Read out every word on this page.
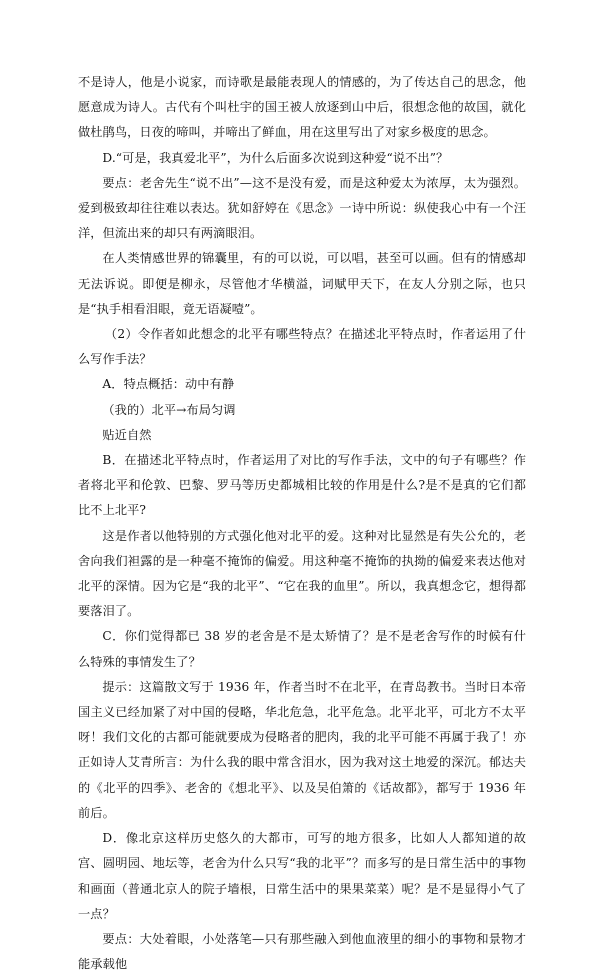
不是诗人，他是小说家，而诗歌是最能表现人的情感的，为了传达自己的思念，他愿意成为诗人。古代有个叫杜宇的国王被人放逐到山中后，很想念他的故国，就化做杜鹃鸟，日夜的啼叫，并啼出了鲜血，用在这里写出了对家乡极度的思念。

D.“可是，我真爱北平”，为什么后面多次说到这种爱“说不出”？

要点：老舍先生“说不出”—这不是没有爱，而是这种爱太为浓厚，太为强烈。爱到极致却往往难以表达。犹如舒婷在《思念》一诗中所说：纵使我心中有一个汪洋，但流出来的却只有两滴眼泪。

在人类情感世界的锦囊里，有的可以说，可以唱，甚至可以画。但有的情感却无法诉说。即便是柳永，尽管他才华横溢，词赋甲天下，在友人分别之际，也只是“执手相看泪眼，竟无语凝噎”。

（2）令作者如此想念的北平有哪些特点？在描述北平特点时，作者运用了什么写作手法？

A．特点概括：动中有静

（我的）北平→布局匀调

贴近自然

B．在描述北平特点时，作者运用了对比的写作手法，文中的句子有哪些？作者将北平和伦敦、巴黎、罗马等历史都城相比较的作用是什么?是不是真的它们都比不上北平?

这是作者以他特别的方式强化他对北平的爱。这种对比显然是有失公允的，老舍向我们袒露的是一种毫不掩饰的偏爱。用这种毫不掩饰的执拗的偏爱来表达他对北平的深情。因为它是“我的北平”、“它在我的血里”。所以，我真想念它，想得都要落泪了。

C．你们觉得都已 38 岁的老舍是不是太矫情了？是不是老舍写作的时候有什么特殊的事情发生了？

提示：这篇散文写于 1936 年，作者当时不在北平，在青岛教书。当时日本帝国主义已经加紧了对中国的侵略，华北危急，北平危急。北平北平，可北方不太平呀！我们文化的古都可能就要成为侵略者的肥肉，我的北平可能不再属于我了！亦正如诗人艾青所言：为什么我的眼中常含泪水，因为我对这土地爱的深沉。郁达夫的《北平的四季》、老舍的《想北平》、以及吴伯箫的《话故都》，都写于 1936 年前后。

D．像北京这样历史悠久的大都市，可写的地方很多，比如人人都知道的故宫、圆明园、地坛等，老舍为什么只写“我的北平”？而多写的是日常生活中的事物和画面（普通北京人的院子墙根，日常生活中的果果菜菜）呢？是不是显得小气了一点？

要点：大处着眼，小处落笔—只有那些融入到他血液里的细小的事物和景物才能承载他
